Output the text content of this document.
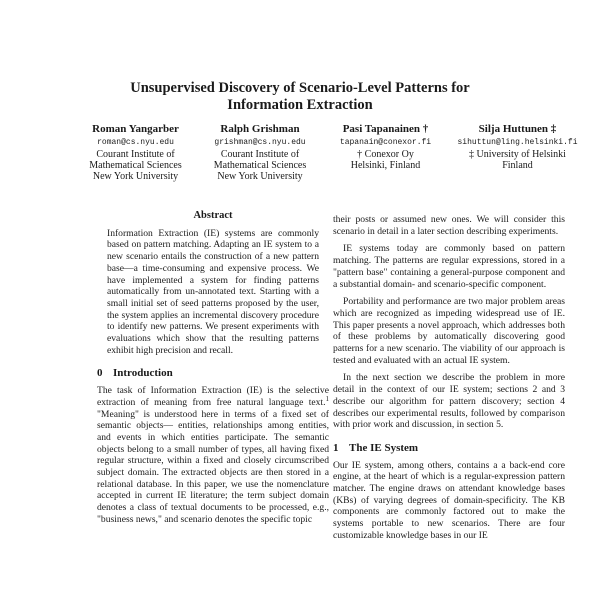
Unsupervised Discovery of Scenario-Level Patterns for
Information Extraction
Roman Yangarber
roman@cs.nyu.edu
Courant Institute of
Mathematical Sciences
New York University
Ralph Grishman
grishman@cs.nyu.edu
Courant Institute of
Mathematical Sciences
New York University
Pasi Tapanainen †
tapanain@conexor.fi
† Conexor Oy
Helsinki, Finland
Silja Huttunen ‡
sihuttun@ling.helsinki.fi
‡ University of Helsinki
Finland
Abstract

Information Extraction (IE) systems are commonly based on pattern matching. Adapting an IE system to a new scenario entails the construction of a new pattern base—a time-consuming and expensive process. We have implemented a system for finding patterns automatically from un-annotated text. Starting with a small initial set of seed patterns proposed by the user, the system applies an incremental discovery procedure to identify new patterns. We present experiments with evaluations which show that the resulting patterns exhibit high precision and recall.

0 Introduction

The task of Information Extraction (IE) is the selective extraction of meaning from free natural language text.$^1$ "Meaning" is understood here in terms of a fixed set of semantic objects— entities, relationships among entities, and events in which entities participate. The semantic objects belong to a small number of types, all having fixed regular structure, within a fixed and closely circumscribed subject domain. The extracted objects are then stored in a relational database. In this paper, we use the nomenclature accepted in current IE literature; the term subject domain denotes a class of textual documents to be processed, e.g., "business news," and scenario denotes the specific topic

their posts or assumed new ones. We will consider this scenario in detail in a later section describing experiments.

IE systems today are commonly based on pattern matching. The patterns are regular expressions, stored in a "pattern base" containing a general-purpose component and a substantial domain- and scenario-specific component.

Portability and performance are two major problem areas which are recognized as impeding widespread use of IE. This paper presents a novel approach, which addresses both of these problems by automatically discovering good patterns for a new scenario. The viability of our approach is tested and evaluated with an actual IE system.

In the next section we describe the problem in more detail in the context of our IE system; sections 2 and 3 describe our algorithm for pattern discovery; section 4 describes our experimental results, followed by comparison with prior work and discussion, in section 5.

1 The IE System

Our IE system, among others, contains a a back-end core engine, at the heart of which is a regular-expression pattern matcher. The engine draws on attendant knowledge bases (KBs) of varying degrees of domain-specificity. The KB components are commonly factored out to make the systems portable to new scenarios. There are four customizable knowledge bases in our IE
